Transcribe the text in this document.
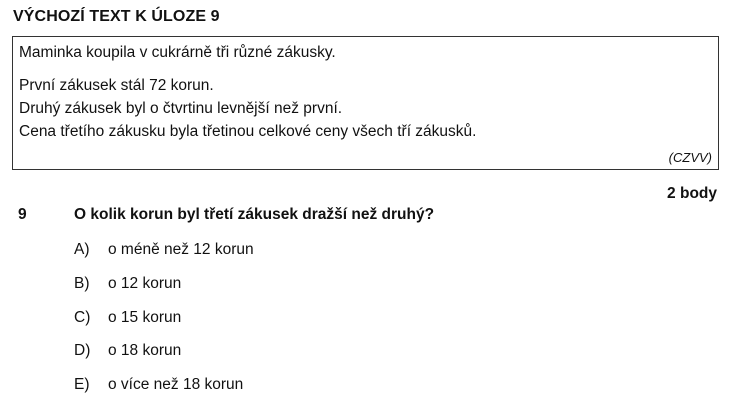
VÝCHOZÍ TEXT K ÚLOZE 9
Maminka koupila v cukrárně tři různé zákusky.
První zákusek stál 72 korun.
Druhý zákusek byl o čtvrtinu levnější než první.
Cena třetího zákusku byla třetinou celkové ceny všech tří zákusků.
(CZVV)
2 body
9	O kolik korun byl třetí zákusek dražší než druhý?
A) o méně než 12 korun
B) o 12 korun
C) o 15 korun
D) o 18 korun
E) o více než 18 korun
